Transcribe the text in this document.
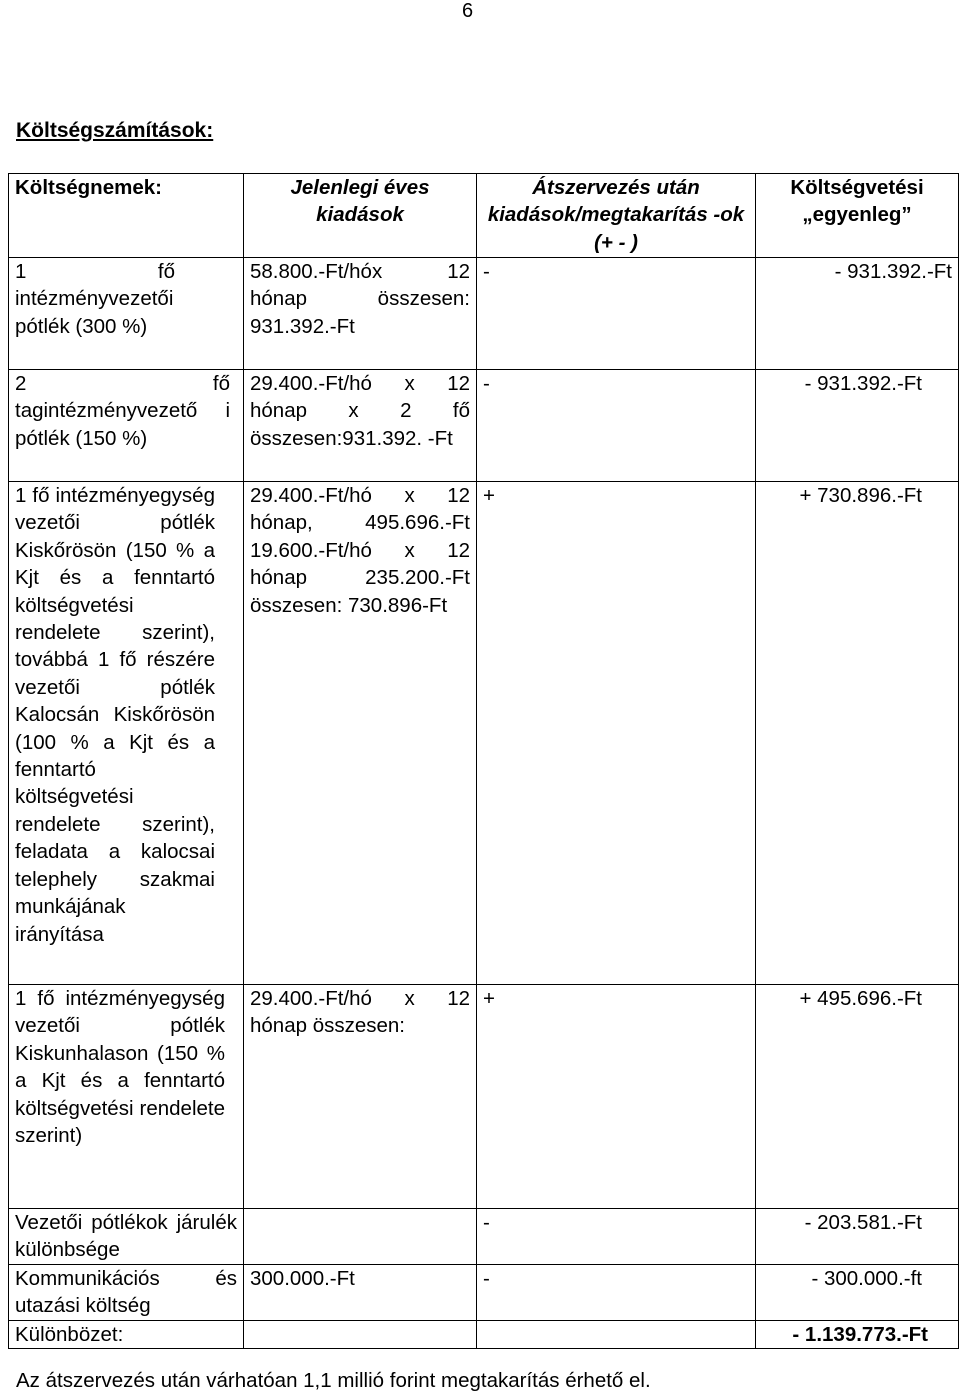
6
Költségszámítások:
Költségnemek:	Jelenlegi éves kiadások	Átszervezés után kiadások/megtakarítás -ok (+ - )	Költségvetési „egyenleg”

1 fő intézményvezetői pótlék (300 %)	58.800.-Ft/hóx 12 hónap összesen: 931.392.-Ft	-	- 931.392.-Ft

2 fő tagintézményvezető i pótlék (150 %)	29.400.-Ft/hó x 12 hónap x 2 fő összesen:931.392. -Ft	-	- 931.392.-Ft

1 fő intézményegység vezetői pótlék Kiskőrösön (150 % a Kjt és a fenntartó költségvetési rendelete szerint), továbbá 1 fő részére vezetői pótlék Kalocsán Kiskőrösön (100 % a Kjt és a fenntartó költségvetési rendelete szerint), feladata a kalocsai telephely szakmai munkájának irányítása	29.400.-Ft/hó x 12 hónap, 495.696.-Ft 19.600.-Ft/hó x 12 hónap 235.200.-Ft összesen: 730.896-Ft	+	+ 730.896.-Ft

1 fő intézményegység vezetői pótlék Kiskunhalason (150 % a Kjt és a fenntartó költségvetési rendelete szerint)	29.400.-Ft/hó x 12 hónap összesen:	+	+ 495.696.-Ft

Vezetői pótlékok járulék különbsége		-	- 203.581.-Ft

Kommunikációs és utazási költség	300.000.-Ft	-	- 300.000.-ft
Különbözet:			- 1.139.773.-Ft
Az átszervezés után várhatóan 1,1 millió forint megtakarítás érhető el.
